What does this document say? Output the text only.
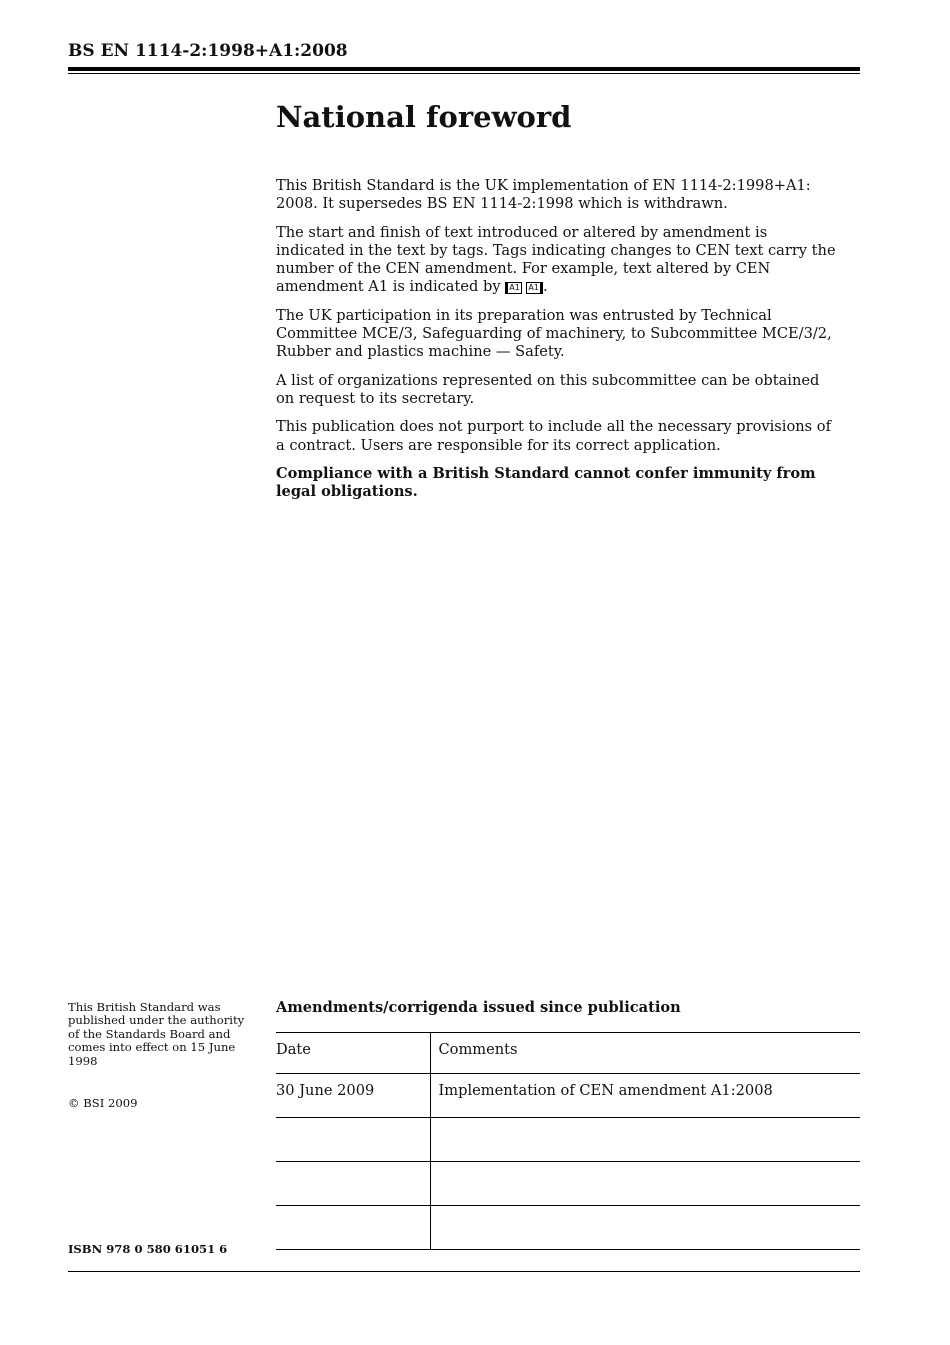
BS EN 1114-2:1998+A1:2008
National foreword

This British Standard is the UK implementation of EN 1114-2:1998+A1: 2008. It supersedes BS EN 1114-2:1998 which is withdrawn.

The start and finish of text introduced or altered by amendment is indicated in the text by tags. Tags indicating changes to CEN text carry the number of the CEN amendment. For example, text altered by CEN amendment A1 is indicated by A1 A1 .

The UK participation in its preparation was entrusted by Technical Committee MCE/3, Safeguarding of machinery, to Subcommittee MCE/3/2, Rubber and plastics machine — Safety.

A list of organizations represented on this subcommittee can be obtained on request to its secretary.

This publication does not purport to include all the necessary provisions of a contract. Users are responsible for its correct application.

Compliance with a British Standard cannot confer immunity from legal obligations.

This British Standard was published under the authority of the Standards Board and comes into effect on 15 June 1998
© BSI 2009
ISBN 978 0 580 61051 6
Amendments/corrigenda issued since publication
Date	Comments
30 June 2009	Implementation of CEN amendment A1:2008
